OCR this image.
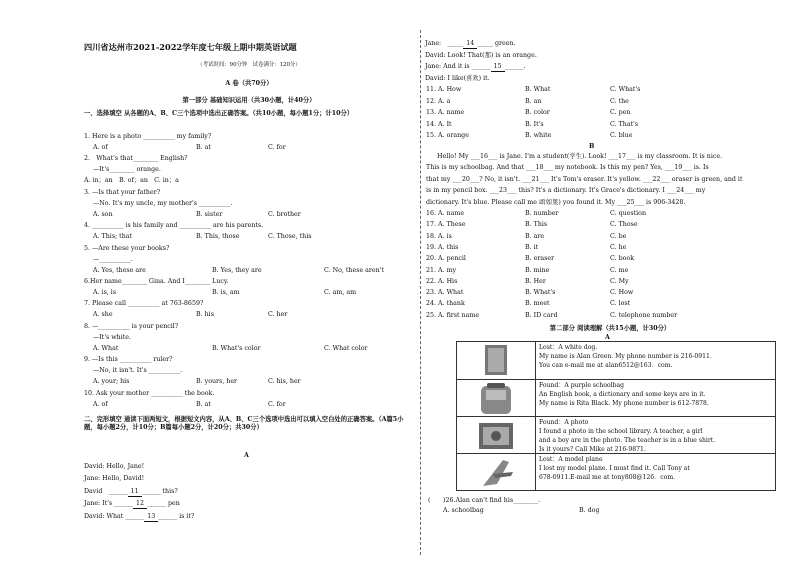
四川省达州市2021-2022学年度七年级上期中期英语试题
（考试时间：90分钟　试卷满分：120分）
A 卷（共70分）
第一部分 基础知识运用（共30小题，计40分）
一、选择填空 从各题的A、B、C三个选项中选出正确答案。（共10小题，每小题1分；计10分）
1. Here is a photo __________ my family?
A. of	B. at	C. for
2.　What's that________ English?
—It's________ orange.
A. in；an　B. of；an　C. in；a
3. —Is that your father?
—No. It's my uncle, my mother's __________.
A. son	B. sister	C. brother
4. __________ is his family and __________ are his parents.
A. This; that	B. This, those	C. Those, this
5. —Are these your books?
—__________.
A. Yes, these are	B. Yes, they are	C. No, these aren't
6.Her name________ Gina. And I________ Lucy.
A. is, is	B. is, am	C. am, am
7. Please call __________ at 763-8659?
A. she	B. his	C. her
8. —__________ is your pencil?
—It's white.
A. What	B. What's color	C. What color
9. —Is this __________ ruler?
—No, it isn't. It's __________.
A. your; his	B. yours, her	C. his, her
10. Ask your mother __________ the book.
A. of	B. at	C. for
二、完形填空 通读下面两短文，根据短文内容，从A、B、C三个选项中选出可以填入空白处的正确答案。（A篇5小题，每小题2分，计10分；B篇每小题2分，计20分；共30分）
A
David: Hello, Jane!
Jane: Hello, David!
David　______ 11 ______ this?
Jane: It's ______ 12 ______ pen
David: What ______ 13 ______ is it?
Jane:　_____ 14 _____ green.
David: Look! That(那) is an orange.
Jane: And it is ______ 15 ______.
David: I like(喜欢) it.
11. A. How	B. What	C. What's
12. A. a	B. an	C. the
13. A. name	B. color	C. pen
14. A. It	B. It's	C. That's
15. A. orange	B. white	C. blue
B
Hello! My ___16___ is Jane. I'm a student(学生). Look! ___17___ is my classroom. It is nice.
This is my schoolbag. And that ___18___ my notebook. Is this my pen? Yes, ___19___ is. Is
that my ___20___? No, it isn't. ___21___ It's Tom's eraser. It's yellow. ___22___ eraser is green, and it
is in my pencil box. ___23___ this? It's a dictionary. It's Grace's dictionary. I ___24___ my
dictionary. It's blue. Please call me if(如果) you found it. My ___25___ is 906-3428.
16. A. name	B. number	C. question
17. A. These	B. This	C. Those
18. A. is	B. are	C. be
19. A. this	B. it	C. he
20. A. pencil	B. eraser	C. book
21. A. my	B. mine	C. me
22. A. His	B. Her	C. My
23. A. What	B. What's	C. How
24. A. thank	B. meet	C. lost
25. A. first name	B. ID card	C. telephone number
第二部分 阅读理解（共15小题，计30分）
A
Lost：A white dog.
My name is Alan Green. My phone number is 216-0911.
You can e-mail me at alan6512@163．com.
Found：A purple schoolbag
An English book, a dictionary and some keys are in it.
My name is Rita Black. My phone number is 612-7878.
Found：A photo
I found a photo in the school library. A teacher, a girl
and a boy are in the photo. The teacher is in a blue shirt.
Is it yours? Call Mike at 216-9871.
Lost：A model plane
I lost my model plane. I must find it. Call Tony at
678-0911.E-mail me at tony808@126．com.
(　　)26.Alan can't find his________.
A. schoolbag	B. dog
